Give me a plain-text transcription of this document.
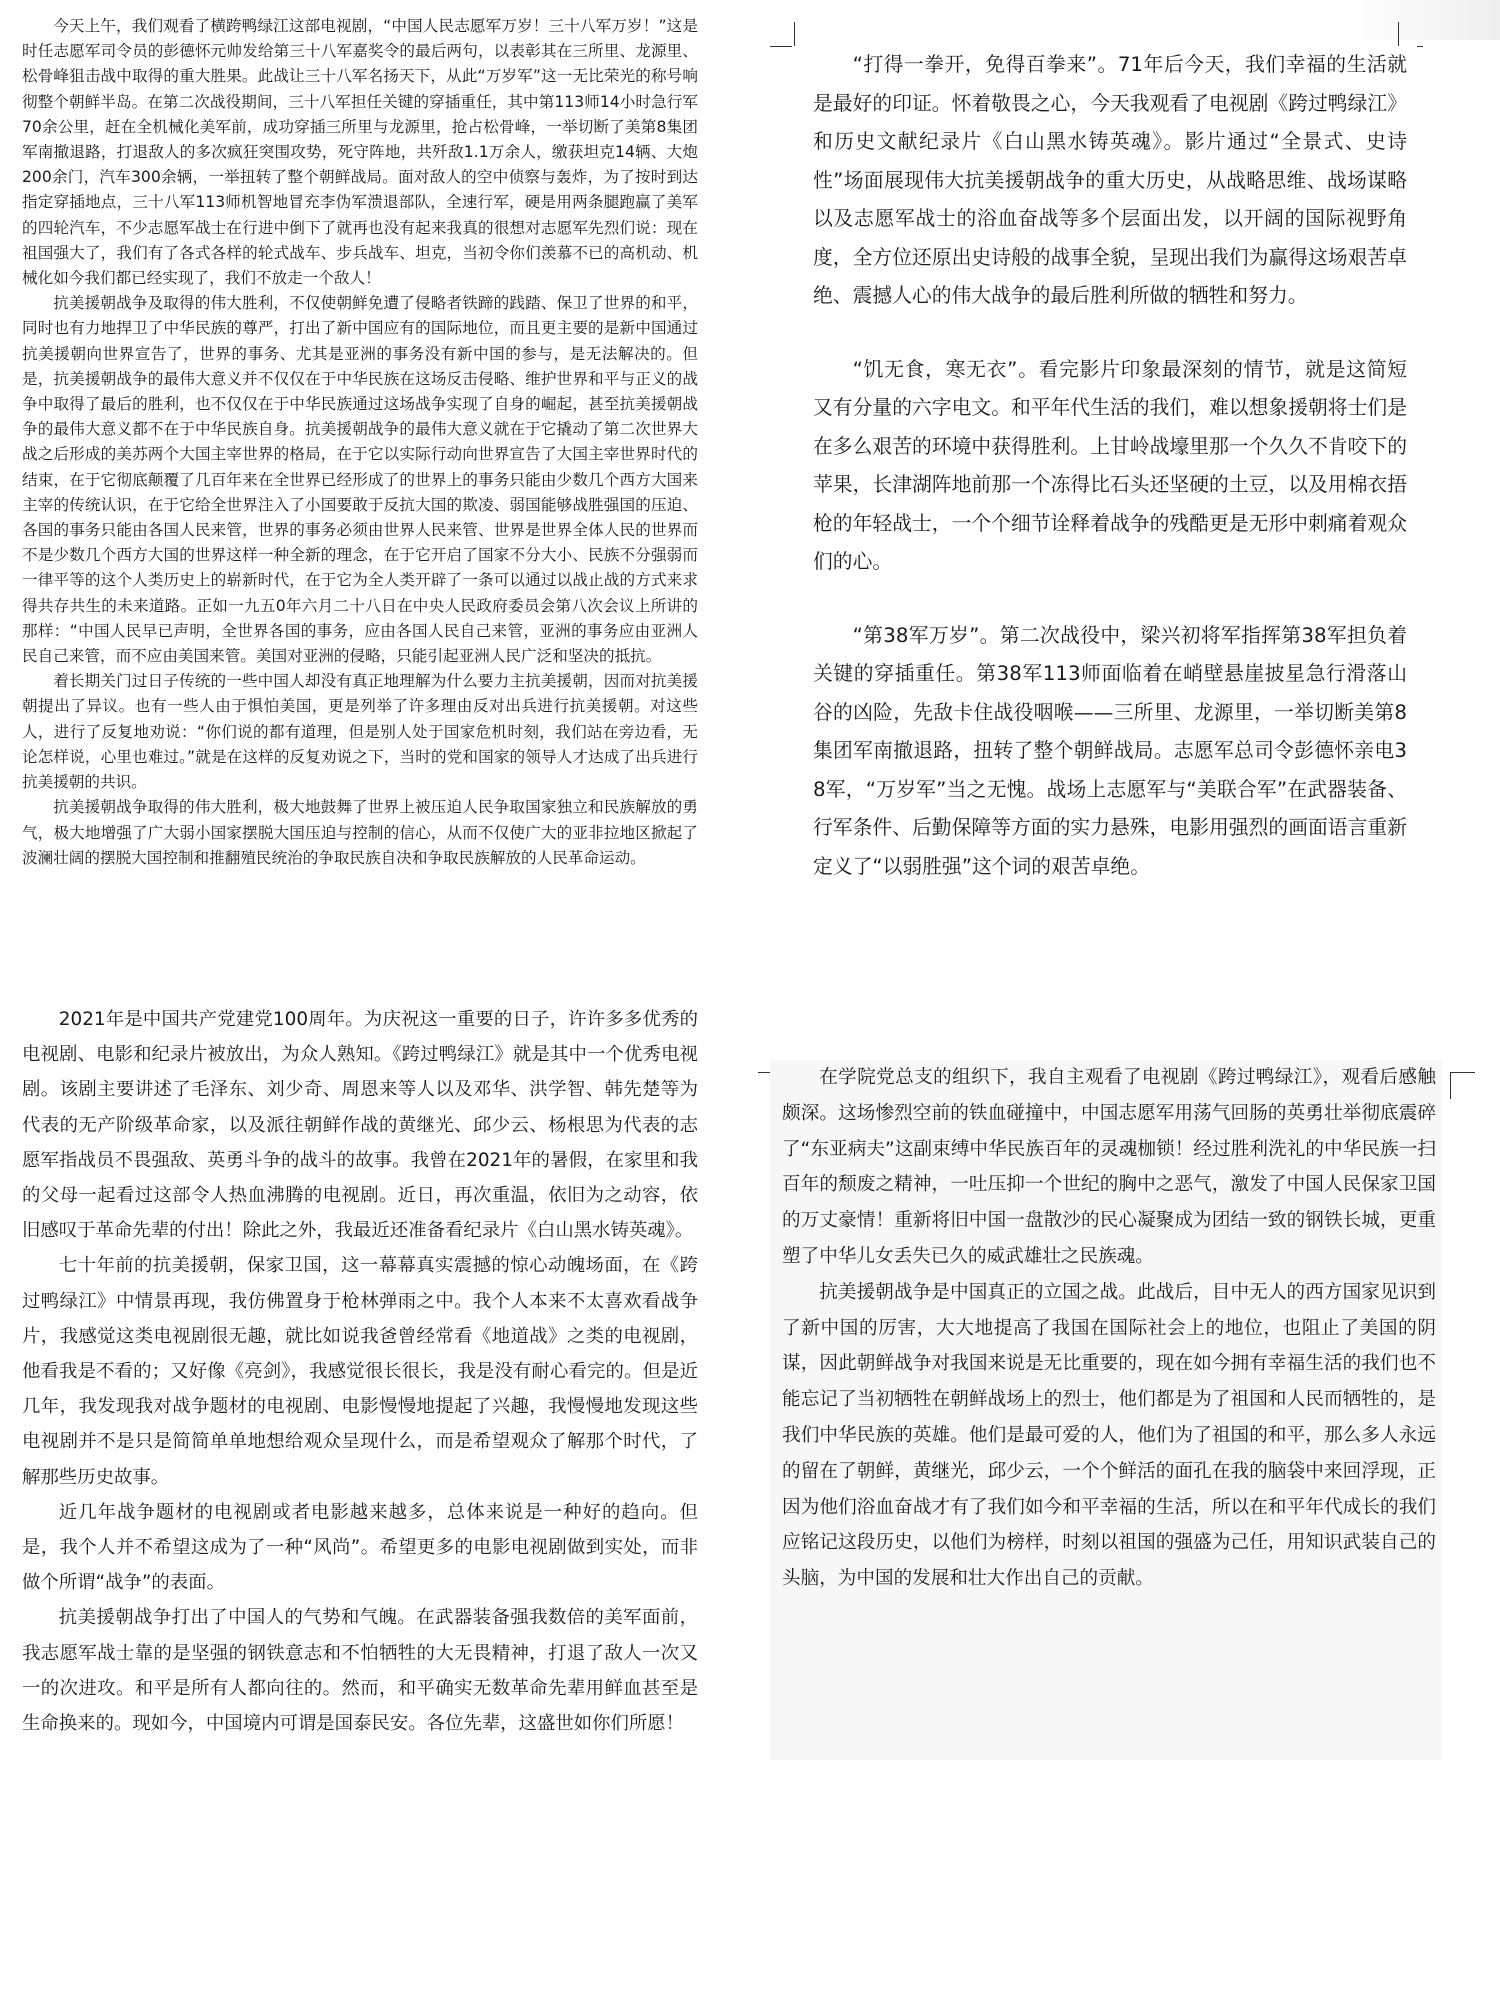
今天上午，我们观看了横跨鸭绿江这部电视剧，“中国人民志愿军万岁！三十八军万岁！”这是时任志愿军司令员的彭德怀元帅发给第三十八军嘉奖令的最后两句，以表彰其在三所里、龙源里、松骨峰狙击战中取得的重大胜果。此战让三十八军名扬天下，从此“万岁军”这一无比荣光的称号响彻整个朝鲜半岛。在第二次战役期间，三十八军担任关键的穿插重任，其中第113师14小时急行军70余公里，赶在全机械化美军前，成功穿插三所里与龙源里，抢占松骨峰，一举切断了美第8集团军南撤退路，打退敌人的多次疯狂突围攻势，死守阵地，共歼敌1.1万余人，缴获坦克14辆、大炮200余门，汽车300余辆，一举扭转了整个朝鲜战局。面对敌人的空中侦察与轰炸，为了按时到达指定穿插地点，三十八军113师机智地冒充李伪军溃退部队，全速行军，硬是用两条腿跑赢了美军的四轮汽车，不少志愿军战士在行进中倒下了就再也没有起来我真的很想对志愿军先烈们说：现在祖国强大了，我们有了各式各样的轮式战车、步兵战车、坦克，当初令你们羡慕不已的高机动、机械化如今我们都已经实现了，我们不放走一个敌人！

抗美援朝战争及取得的伟大胜利，不仅使朝鲜免遭了侵略者铁蹄的践踏、保卫了世界的和平，同时也有力地捍卫了中华民族的尊严，打出了新中国应有的国际地位，而且更主要的是新中国通过抗美援朝向世界宣告了，世界的事务、尤其是亚洲的事务没有新中国的参与，是无法解决的。但是，抗美援朝战争的最伟大意义并不仅仅在于中华民族在这场反击侵略、维护世界和平与正义的战争中取得了最后的胜利，也不仅仅在于中华民族通过这场战争实现了自身的崛起，甚至抗美援朝战争的最伟大意义都不在于中华民族自身。抗美援朝战争的最伟大意义就在于它撬动了第二次世界大战之后形成的美苏两个大国主宰世界的格局，在于它以实际行动向世界宣告了大国主宰世界时代的结束，在于它彻底颠覆了几百年来在全世界已经形成了的世界上的事务只能由少数几个西方大国来主宰的传统认识，在于它给全世界注入了小国要敢于反抗大国的欺凌、弱国能够战胜强国的压迫、各国的事务只能由各国人民来管，世界的事务必须由世界人民来管、世界是世界全体人民的世界而不是少数几个西方大国的世界这样一种全新的理念，在于它开启了国家不分大小、民族不分强弱而一律平等的这个人类历史上的崭新时代，在于它为全人类开辟了一条可以通过以战止战的方式来求得共存共生的未来道路。正如一九五0年六月二十八日在中央人民政府委员会第八次会议上所讲的那样：“中国人民早已声明，全世界各国的事务，应由各国人民自己来管，亚洲的事务应由亚洲人民自己来管，而不应由美国来管。美国对亚洲的侵略，只能引起亚洲人民广泛和坚决的抵抗。

着长期关门过日子传统的一些中国人却没有真正地理解为什么要力主抗美援朝，因而对抗美援朝提出了异议。也有一些人由于惧怕美国，更是列举了许多理由反对出兵进行抗美援朝。对这些人，进行了反复地劝说：“你们说的都有道理，但是别人处于国家危机时刻，我们站在旁边看，无论怎样说，心里也难过。”就是在这样的反复劝说之下，当时的党和国家的领导人才达成了出兵进行抗美援朝的共识。

抗美援朝战争取得的伟大胜利，极大地鼓舞了世界上被压迫人民争取国家独立和民族解放的勇气，极大地增强了广大弱小国家摆脱大国压迫与控制的信心，从而不仅使广大的亚非拉地区掀起了波澜壮阔的摆脱大国控制和推翻殖民统治的争取民族自决和争取民族解放的人民革命运动。

“打得一拳开，免得百拳来”。71年后今天，我们幸福的生活就是最好的印证。怀着敬畏之心，今天我观看了电视剧《跨过鸭绿江》和历史文献纪录片《白山黑水铸英魂》。影片通过“全景式、史诗性”场面展现伟大抗美援朝战争的重大历史，从战略思维、战场谋略以及志愿军战士的浴血奋战等多个层面出发，以开阔的国际视野角度，全方位还原出史诗般的战事全貌，呈现出我们为赢得这场艰苦卓绝、震撼人心的伟大战争的最后胜利所做的牺牲和努力。

“饥无食，寒无衣”。看完影片印象最深刻的情节，就是这简短又有分量的六字电文。和平年代生活的我们，难以想象援朝将士们是在多么艰苦的环境中获得胜利。上甘岭战壕里那一个久久不肯咬下的苹果，长津湖阵地前那一个冻得比石头还坚硬的土豆，以及用棉衣捂枪的年轻战士，一个个细节诠释着战争的残酷更是无形中刺痛着观众们的心。

“第38军万岁”。第二次战役中，梁兴初将军指挥第38军担负着关键的穿插重任。第38军113师面临着在峭壁悬崖披星急行滑落山谷的凶险，先敌卡住战役咽喉——三所里、龙源里，一举切断美第8集团军南撤退路，扭转了整个朝鲜战局。志愿军总司令彭德怀亲电38军，“万岁军”当之无愧。战场上志愿军与“美联合军”在武器装备、行军条件、后勤保障等方面的实力悬殊，电影用强烈的画面语言重新定义了“以弱胜强”这个词的艰苦卓绝。

2021年是中国共产党建党100周年。为庆祝这一重要的日子，许许多多优秀的电视剧、电影和纪录片被放出，为众人熟知。《跨过鸭绿江》就是其中一个优秀电视剧。该剧主要讲述了毛泽东、刘少奇、周恩来等人以及邓华、洪学智、韩先楚等为代表的无产阶级革命家，以及派往朝鲜作战的黄继光、邱少云、杨根思为代表的志愿军指战员不畏强敌、英勇斗争的战斗的故事。我曾在2021年的暑假，在家里和我的父母一起看过这部令人热血沸腾的电视剧。近日，再次重温，依旧为之动容，依旧感叹于革命先辈的付出！除此之外，我最近还准备看纪录片《白山黑水铸英魂》。

七十年前的抗美援朝，保家卫国，这一幕幕真实震撼的惊心动魄场面，在《跨过鸭绿江》中情景再现，我仿佛置身于枪林弹雨之中。我个人本来不太喜欢看战争片，我感觉这类电视剧很无趣，就比如说我爸曾经常看《地道战》之类的电视剧，他看我是不看的；又好像《亮剑》，我感觉很长很长，我是没有耐心看完的。但是近几年，我发现我对战争题材的电视剧、电影慢慢地提起了兴趣，我慢慢地发现这些电视剧并不是只是简简单单地想给观众呈现什么，而是希望观众了解那个时代，了解那些历史故事。

近几年战争题材的电视剧或者电影越来越多，总体来说是一种好的趋向。但是，我个人并不希望这成为了一种“风尚”。希望更多的电影电视剧做到实处，而非做个所谓“战争”的表面。

抗美援朝战争打出了中国人的气势和气魄。在武器装备强我数倍的美军面前，我志愿军战士靠的是坚强的钢铁意志和不怕牺牲的大无畏精神，打退了敌人一次又一的次进攻。和平是所有人都向往的。然而，和平确实无数革命先辈用鲜血甚至是生命换来的。现如今，中国境内可谓是国泰民安。各位先辈，这盛世如你们所愿！

在学院党总支的组织下，我自主观看了电视剧《跨过鸭绿江》，观看后感触颇深。这场惨烈空前的铁血碰撞中，中国志愿军用荡气回肠的英勇壮举彻底震碎了“东亚病夫”这副束缚中华民族百年的灵魂枷锁！经过胜利洗礼的中华民族一扫百年的颓废之精神，一吐压抑一个世纪的胸中之恶气，激发了中国人民保家卫国的万丈豪情！重新将旧中国一盘散沙的民心凝聚成为团结一致的钢铁长城，更重塑了中华儿女丢失已久的威武雄壮之民族魂。

抗美援朝战争是中国真正的立国之战。此战后，目中无人的西方国家见识到了新中国的厉害，大大地提高了我国在国际社会上的地位，也阻止了美国的阴谋，因此朝鲜战争对我国来说是无比重要的，现在如今拥有幸福生活的我们也不能忘记了当初牺牲在朝鲜战场上的烈士，他们都是为了祖国和人民而牺牲的，是我们中华民族的英雄。他们是最可爱的人，他们为了祖国的和平，那么多人永远的留在了朝鲜，黄继光，邱少云，一个个鲜活的面孔在我的脑袋中来回浮现，正因为他们浴血奋战才有了我们如今和平幸福的生活，所以在和平年代成长的我们应铭记这段历史，以他们为榜样，时刻以祖国的强盛为己任，用知识武装自己的头脑，为中国的发展和壮大作出自己的贡献。
